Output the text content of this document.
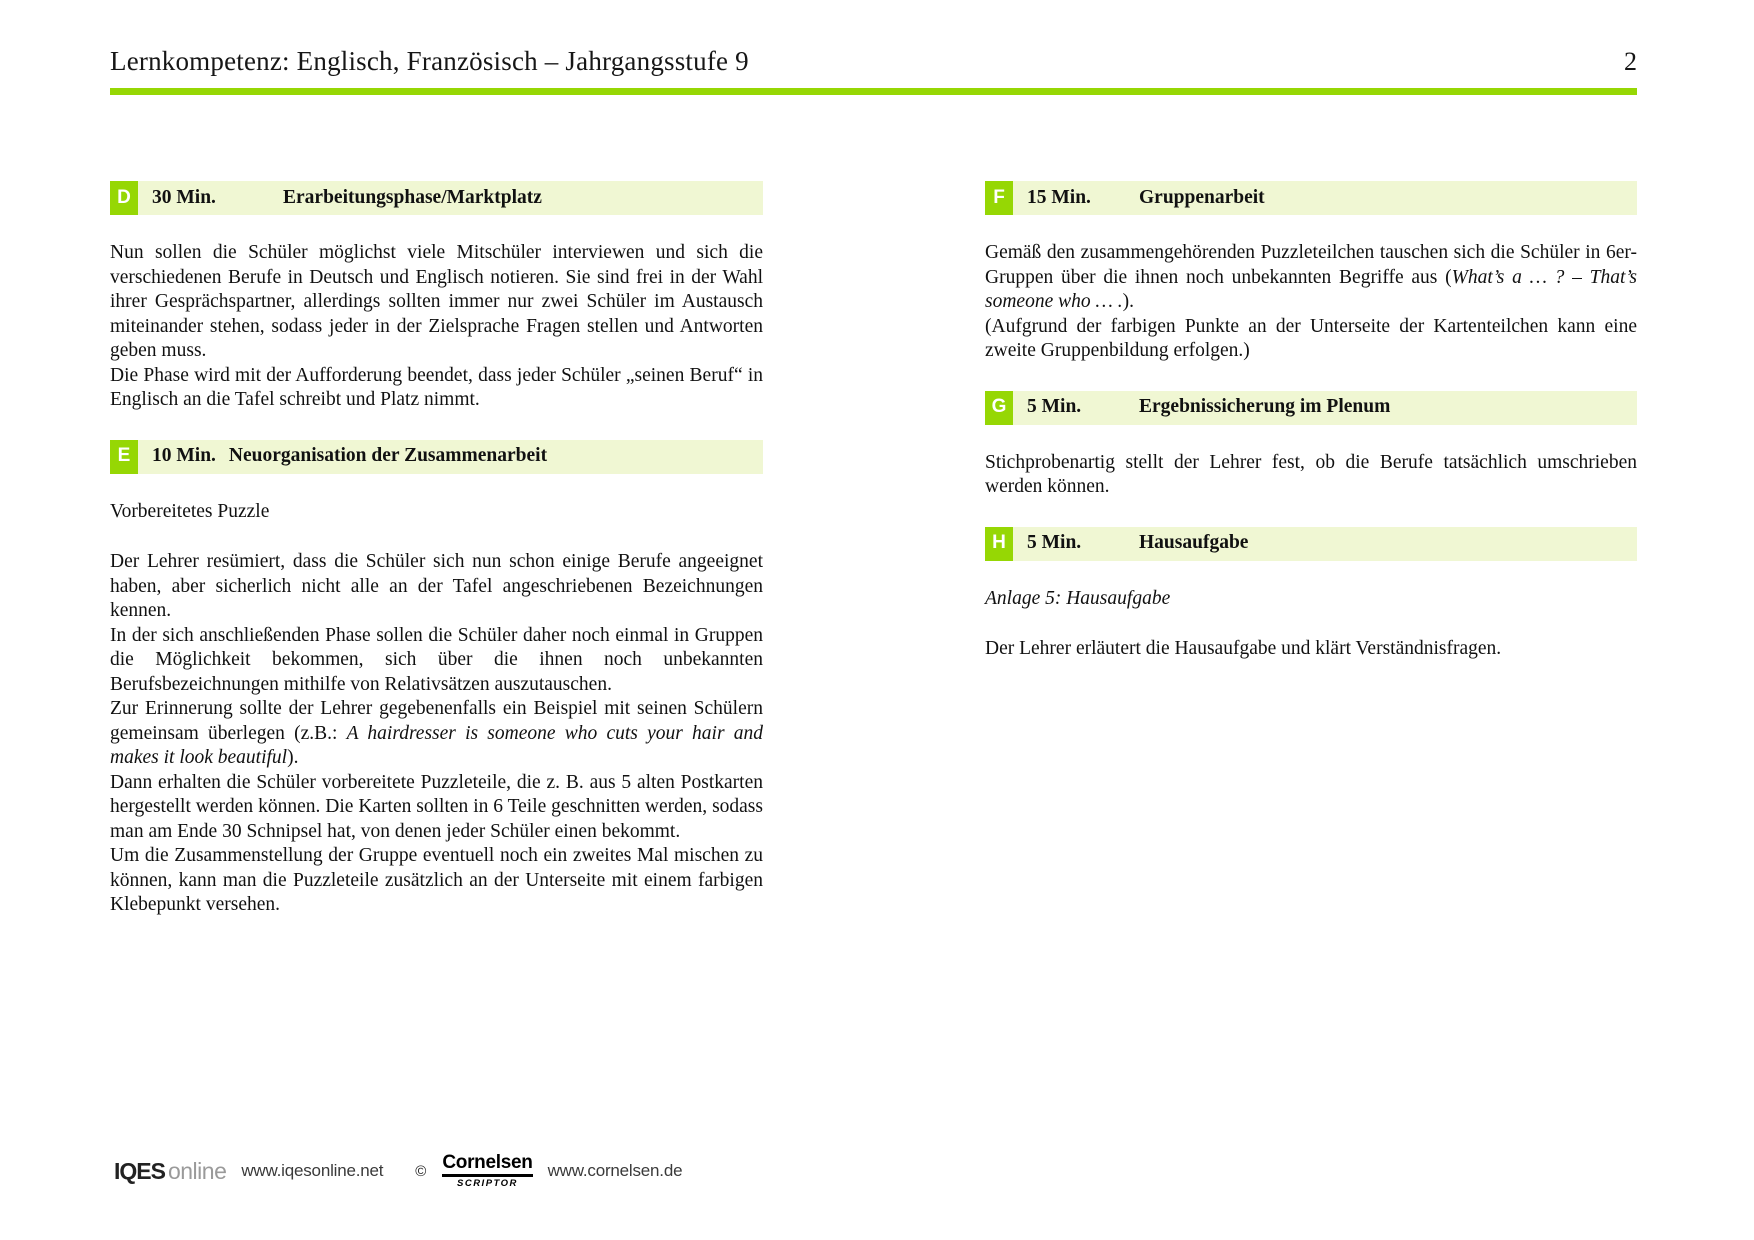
Lernkompetenz: Englisch, Französisch – Jahrgangsstufe 9	2
D	30 Min.	Erarbeitungsphase/Marktplatz

Nun sollen die Schüler möglichst viele Mitschüler interviewen und sich die verschiedenen Berufe in Deutsch und Englisch notieren. Sie sind frei in der Wahl ihrer Gesprächspartner, allerdings sollten immer nur zwei Schüler im Austausch miteinander stehen, sodass jeder in der Zielsprache Fragen stellen und Antworten geben muss.

Die Phase wird mit der Aufforderung beendet, dass jeder Schüler „seinen Beruf“ in Englisch an die Tafel schreibt und Platz nimmt.

E	10 Min. Neuorganisation der Zusammenarbeit

Vorbereitetes Puzzle

Der Lehrer resümiert, dass die Schüler sich nun schon einige Berufe angeeignet haben, aber sicherlich nicht alle an der Tafel angeschriebenen Bezeichnungen kennen.

In der sich anschließenden Phase sollen die Schüler daher noch einmal in Gruppen die Möglichkeit bekommen, sich über die ihnen noch unbekannten Berufsbezeichnungen mithilfe von Relativsätzen auszutauschen.

Zur Erinnerung sollte der Lehrer gegebenenfalls ein Beispiel mit seinen Schülern gemeinsam überlegen (z.B.: A hairdresser is someone who cuts your hair and makes it look beautiful).

Dann erhalten die Schüler vorbereitete Puzzleteile, die z. B. aus 5 alten Postkarten hergestellt werden können. Die Karten sollten in 6 Teile geschnitten werden, sodass man am Ende 30 Schnipsel hat, von denen jeder Schüler einen bekommt.

Um die Zusammenstellung der Gruppe eventuell noch ein zweites Mal mischen zu können, kann man die Puzzleteile zusätzlich an der Unterseite mit einem farbigen Klebepunkt versehen.

F	15 Min.	Gruppenarbeit

Gemäß den zusammengehörenden Puzzleteilchen tauschen sich die Schüler in 6er-Gruppen über die ihnen noch unbekannten Begriffe aus (What’s a … ? – That’s someone who … .).

(Aufgrund der farbigen Punkte an der Unterseite der Kartenteilchen kann eine zweite Gruppenbildung erfolgen.)

G	5 Min.	Ergebnissicherung im Plenum

Stichprobenartig stellt der Lehrer fest, ob die Berufe tatsächlich umschrieben werden können.

H	5 Min.	Hausaufgabe

Anlage 5: Hausaufgabe

Der Lehrer erläutert die Hausaufgabe und klärt Verständnisfragen.

IQES online www.iqesonline.net © Cornelsen
SCRIPTOR
www.cornelsen.de
